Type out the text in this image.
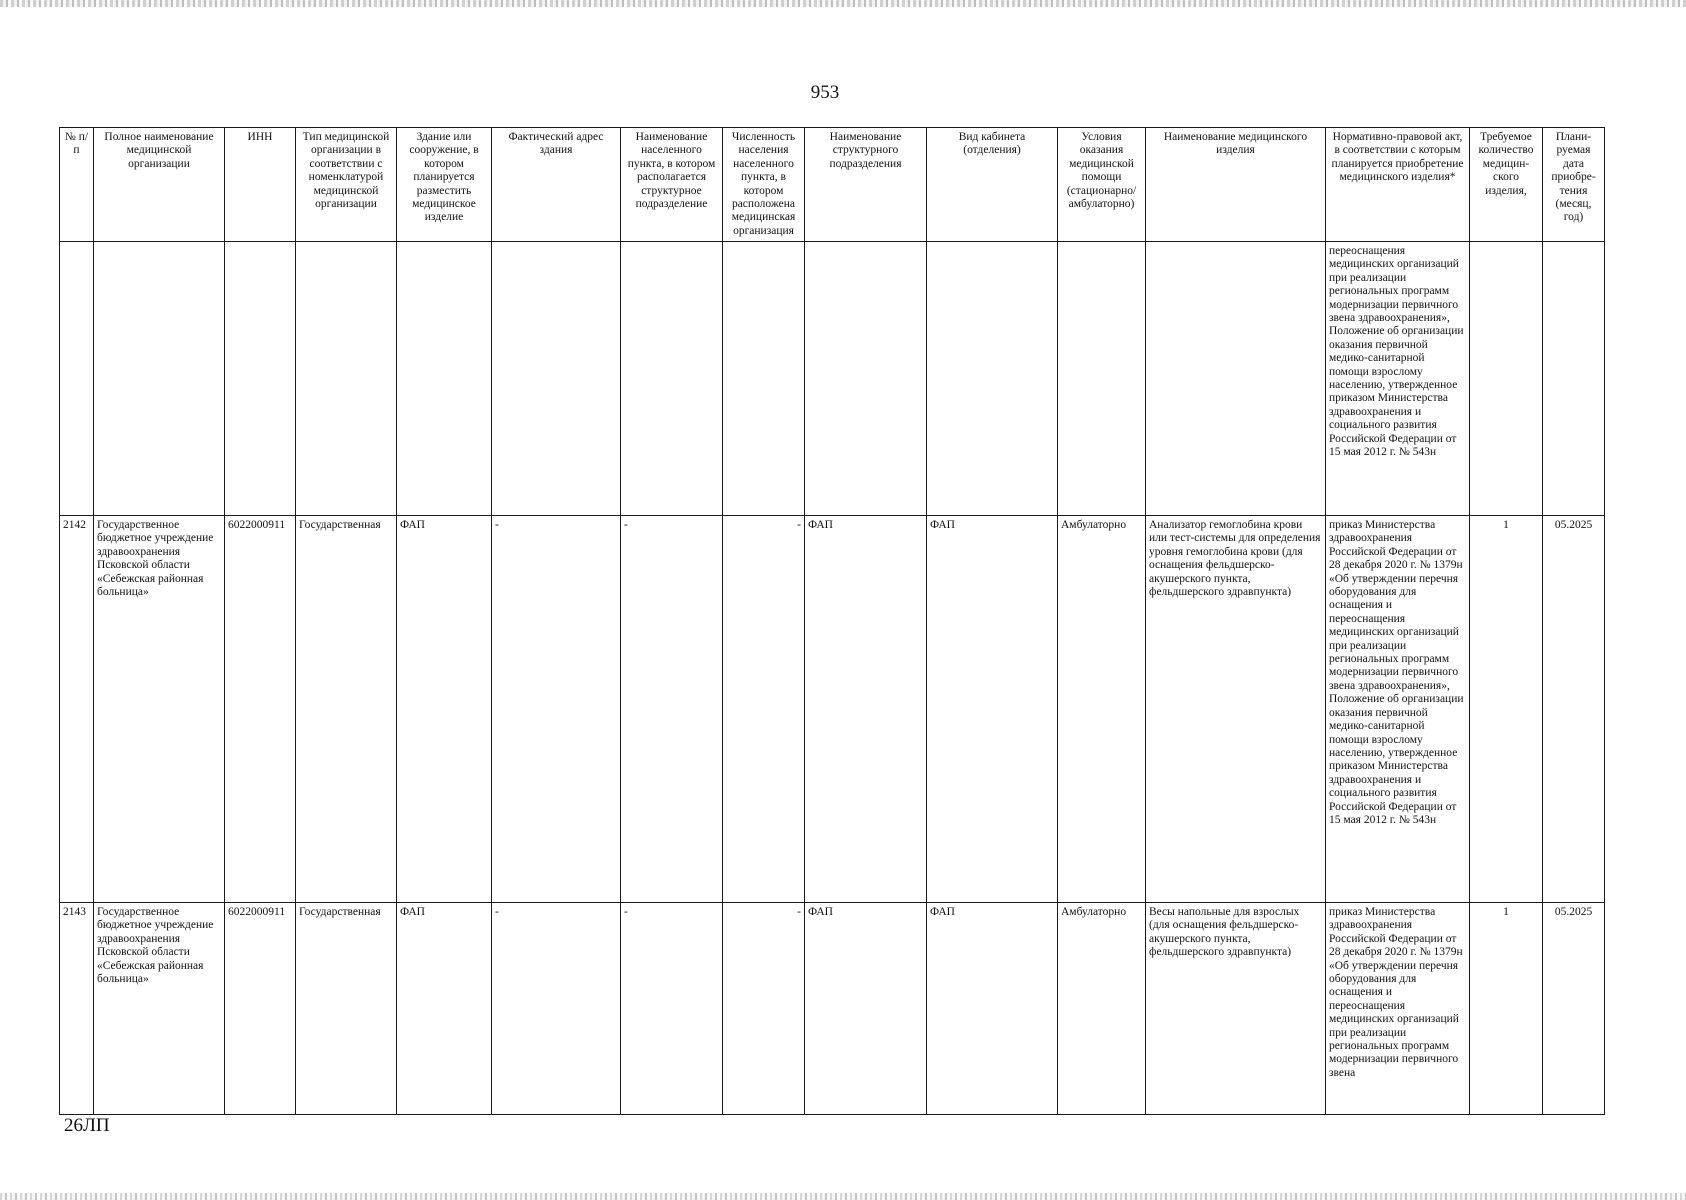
953
№ п/п	Полное наименование медицинской организации	ИНН	Тип медицинской организации в соответствии с номенклатурой медицинской организации	Здание или сооружение, в котором планируется разместить медицинское изделие	Фактический адрес здания	Наименование населенного пункта, в котором располагается структурное подразделение	Численность населения населенного пункта, в котором расположена медицинская организация	Наименование структурного подразделения	Вид кабинета (отделения)	Условия оказания медицинской помощи (стационарно/ амбулаторно)	Наименование медицинского изделия	Нормативно-правовой акт, в соответствии с которым планируется приобретение медицинского изделия*	Требуемое количество медицин-ского изделия,	Плани-руемая дата приобре-тения (месяц, год)
												переоснащения медицинских организаций при реализации региональных программ модернизации первичного звена здравоохранения», Положение об организации оказания первичной медико-санитарной помощи взрослому населению, утвержденное приказом Министерства здравоохранения и социального развития Российской Федерации от 15 мая 2012 г. № 543н		
2142	Государственное бюджетное учреждение здравоохранения Псковской области «Себежская районная больница»	6022000911	Государственная	ФАП	-	-	-	ФАП	ФАП	Амбулаторно	Анализатор гемоглобина крови или тест-системы для определения уровня гемоглобина крови (для оснащения фельдшерско-акушерского пункта, фельдшерского здравпункта)	приказ Министерства здравоохранения Российской Федерации от 28 декабря 2020 г. № 1379н «Об утверждении перечня оборудования для оснащения и переоснащения медицинских организаций при реализации региональных программ модернизации первичного звена здравоохранения», Положение об организации оказания первичной медико-санитарной помощи взрослому населению, утвержденное приказом Министерства здравоохранения и социального развития Российской Федерации от 15 мая 2012 г. № 543н	1	05.2025
2143	Государственное бюджетное учреждение здравоохранения Псковской области «Себежская районная больница»	6022000911	Государственная	ФАП	-	-	-	ФАП	ФАП	Амбулаторно	Весы напольные для взрослых (для оснащения фельдшерско-акушерского пункта, фельдшерского здравпункта)	приказ Министерства здравоохранения Российской Федерации от 28 декабря 2020 г. № 1379н «Об утверждении перечня оборудования для оснащения и переоснащения медицинских организаций при реализации региональных программ модернизации первичного звена	1	05.2025
26ЛП
